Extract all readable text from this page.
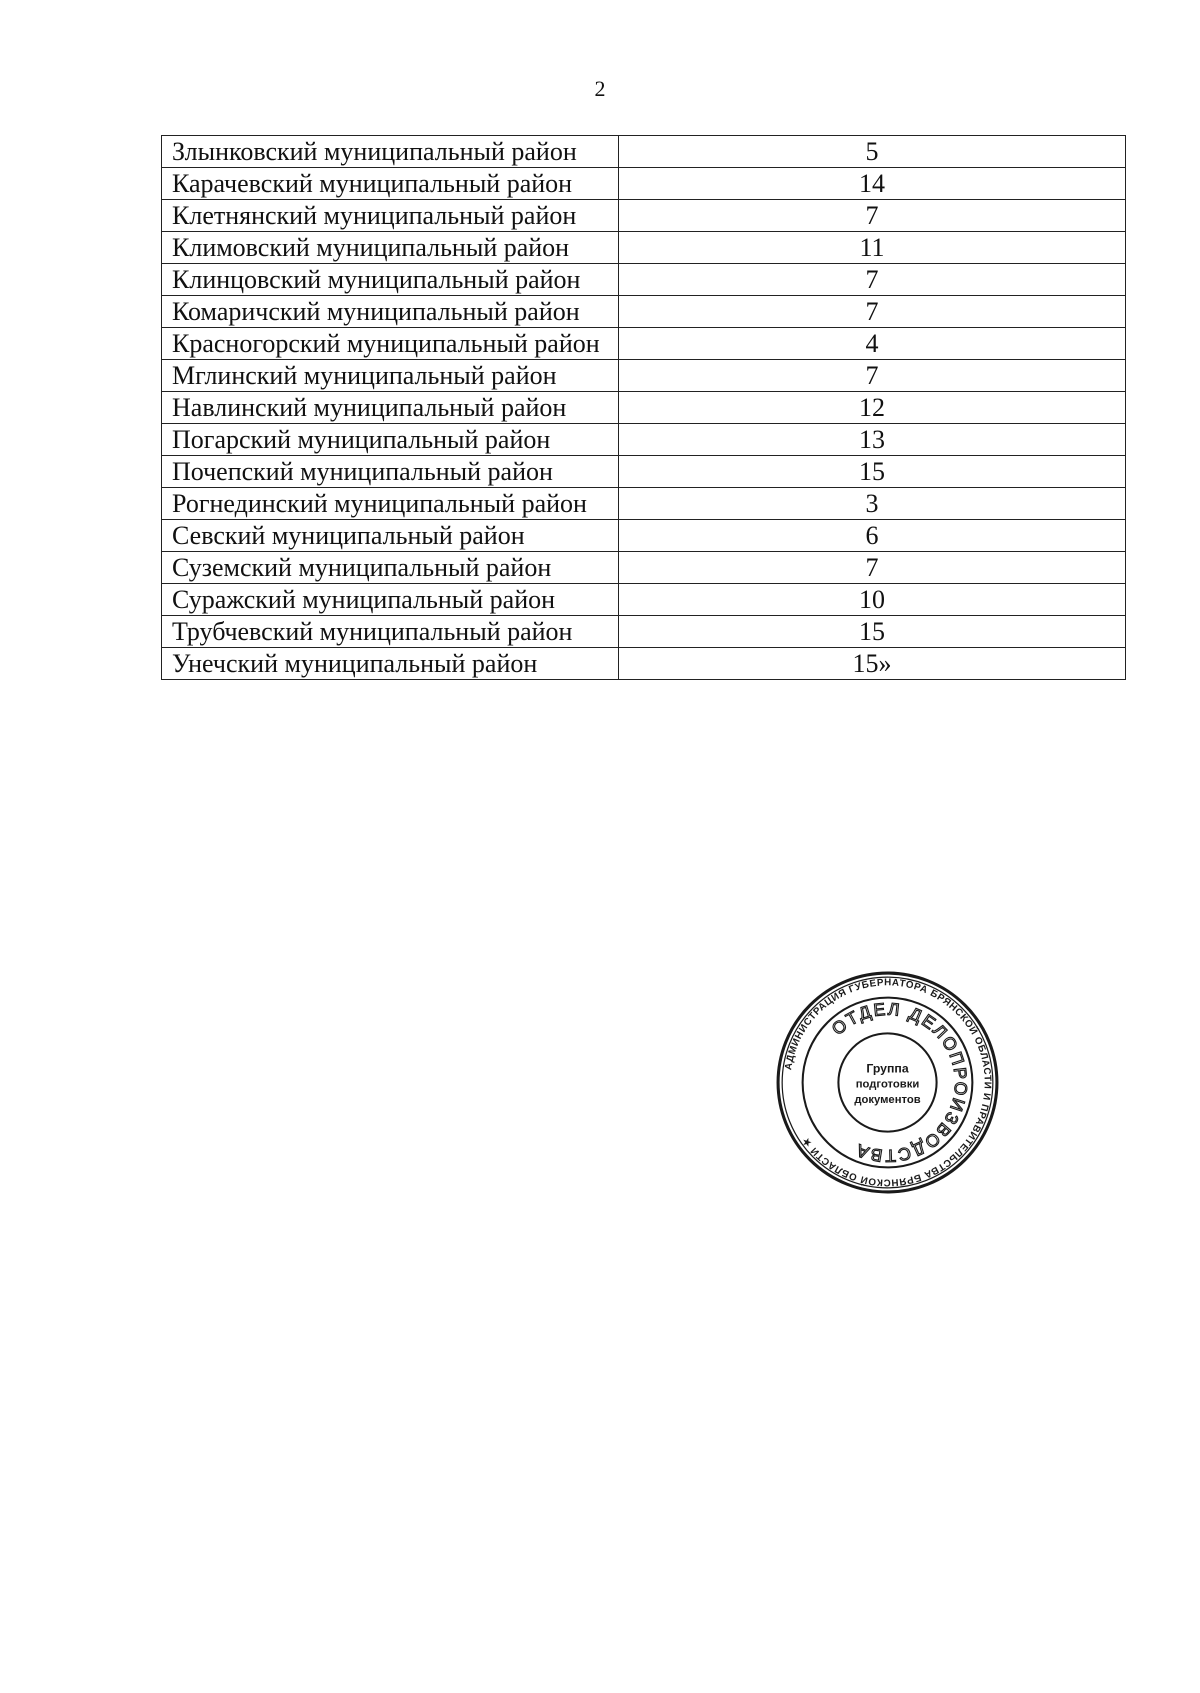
2
Злынковский муниципальный район	5
Карачевский муниципальный район	14
Клетнянский муниципальный район	7
Климовский муниципальный район	11
Клинцовский муниципальный район	7
Комаричский муниципальный район	7
Красногорский муниципальный район	4
Мглинский муниципальный район	7
Навлинский муниципальный район	12
Погарский муниципальный район	13
Почепский муниципальный район	15
Рогнединский муниципальный район	3
Севский муниципальный район	6
Суземский муниципальный район	7
Суражский муниципальный район	10
Трубчевский муниципальный район	15
Унечский муниципальный район	15»
АДМИНИСТРАЦИЯ ГУБЕРНАТОРА БРЯНСКОЙ ОБЛАСТИ И ПРАВИТЕЛЬСТВА БРЯНСКОЙ ОБЛАСТИ ★
ОТДЕЛ ДЕЛОПРОИЗВОДСТВА
Группа
подготовки
документов
